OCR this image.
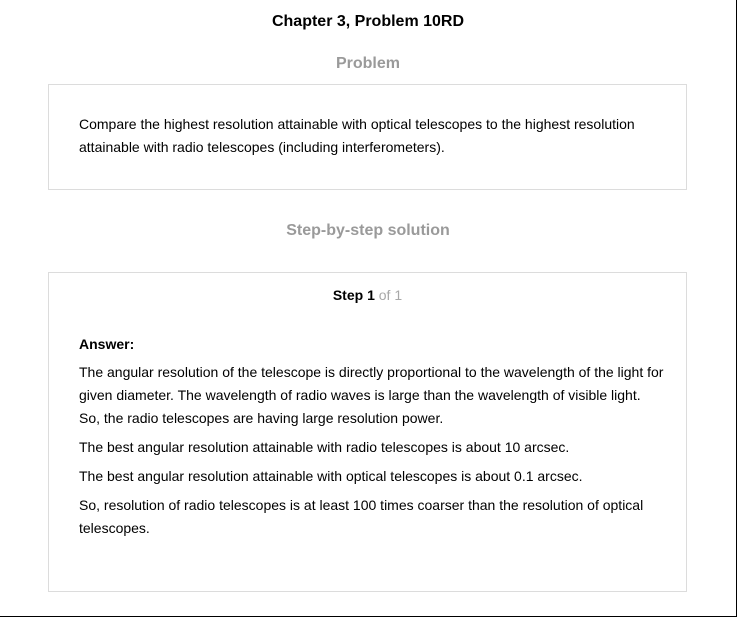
Chapter 3, Problem 10RD
Problem
Compare the highest resolution attainable with optical telescopes to the highest resolution attainable with radio telescopes (including interferometers).
Step-by-step solution
Step 1 of 1
Answer:
The angular resolution of the telescope is directly proportional to the wavelength of the light for given diameter. The wavelength of radio waves is large than the wavelength of visible light. So, the radio telescopes are having large resolution power.
The best angular resolution attainable with radio telescopes is about 10 arcsec.
The best angular resolution attainable with optical telescopes is about 0.1 arcsec.
So, resolution of radio telescopes is at least 100 times coarser than the resolution of optical telescopes.
